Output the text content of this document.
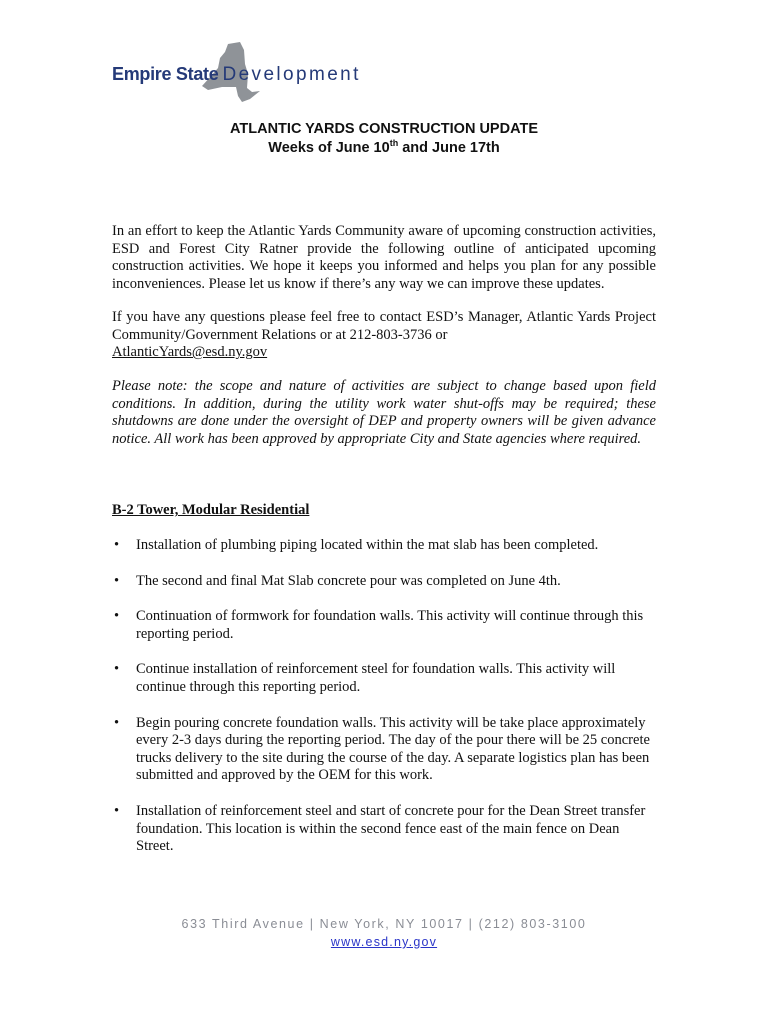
Empire State Development
ATLANTIC YARDS CONSTRUCTION UPDATE
Weeks of June 10th and June 17th

In an effort to keep the Atlantic Yards Community aware of upcoming construction activities, ESD and Forest City Ratner provide the following outline of anticipated upcoming construction activities. We hope it keeps you informed and helps you plan for any possible inconveniences. Please let us know if there’s any way we can improve these updates.

If you have any questions please feel free to contact ESD’s Manager, Atlantic Yards Project Community/Government Relations or at 212-803-3736 or
AtlanticYards@esd.ny.gov

Please note: the scope and nature of activities are subject to change based upon field conditions. In addition, during the utility work water shut-offs may be required; these shutdowns are done under the oversight of DEP and property owners will be given advance notice. All work has been approved by appropriate City and State agencies where required.

B-2 Tower, Modular Residential
• Installation of plumbing piping located within the mat slab has been completed.
• The second and final Mat Slab concrete pour was completed on June 4th.
• Continuation of formwork for foundation walls. This activity will continue through this reporting period.
• Continue installation of reinforcement steel for foundation walls. This activity will continue through this reporting period.
• Begin pouring concrete foundation walls. This activity will be take place approximately every 2-3 days during the reporting period. The day of the pour there will be 25 concrete trucks delivery to the site during the course of the day. A separate logistics plan has been submitted and approved by the OEM for this work.
• Installation of reinforcement steel and start of concrete pour for the Dean Street transfer foundation. This location is within the second fence east of the main fence on Dean Street.
633 Third Avenue | New York, NY 10017 | (212) 803-3100
www.esd.ny.gov
